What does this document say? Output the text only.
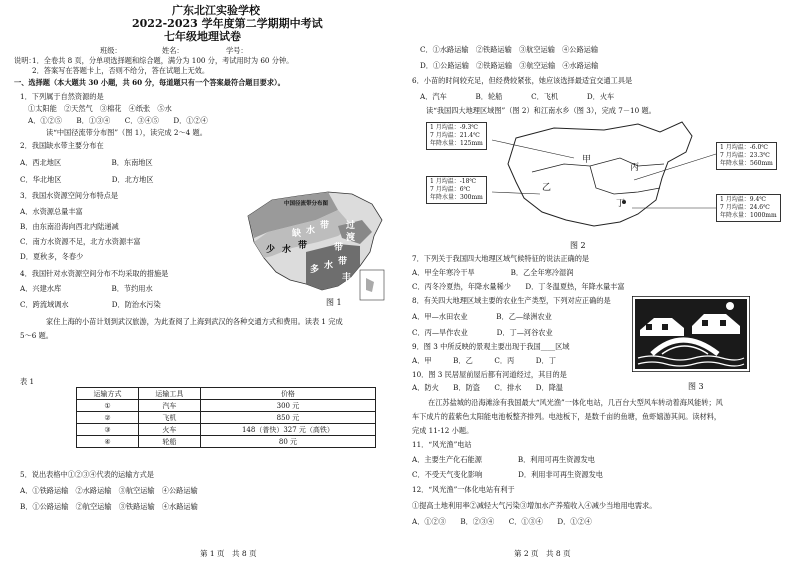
广东北江实验学校
2022-2023 学年度第二学期期中考试
七年级地理试卷
班级：	姓名：	学号：
说明：
1．全卷共 8 页，分单项选择题和综合题，满分为 100 分，考试用时为 60 分钟。
2．答案写在答题卡上，否则不给分，答在试题上无效。
一、选择题（本大题共 30 小题，共 60 分，每道题只有一个答案最符合题目要求）。
1．下列属于自然资源的是
①太阳能　②天然气　③棉花　④纸张　⑤水
A．①②⑤　　B．①③④　　C．③④⑤　　D．①②④
读“中国径流带分布图”（图 1），读完成 2～4 题。
2．我国缺水带主要分布在
A．西北地区　　　　　　　B．东南地区
C．华北地区　　　　　　　D．北方地区
3．我国水资源空间分布特点是
A．水资源总量丰富
B．由东南沿海向西北内陆递减
C．南方水资源不足，北方水资源丰富
D．夏秋多，冬春少
4．我国针对水资源空间分布不均采取的措施是
A．兴建水库　　　　　　　B．节约用水
C．跨流域调水　　　　　　D．防治水污染
家住上海的小苗计划到武汉旅游，为此查阅了上海到武汉的各种交通方式和费用。读表 1 完成
5～6 题。
中国径流带分布图
缺 水 带 过
渡
带
少 水 带
多 水 带
丰
图 1
表 1
运输方式	运输工具	价格
①	汽车	300 元
②	飞机	850 元
③	火车	148（普快）327 元（高铁）
④	轮船	80 元
5．说出表格中①②③④代表的运输方式是
A．①铁路运输　②水路运输　③航空运输　④公路运输
B．①公路运输　②航空运输　③铁路运输　④水路运输
第 1 页　共 8 页
C．①水路运输　②铁路运输　③航空运输　④公路运输
D．①公路运输　②铁路运输　③航空运输　④水路运输
6．小苗的时间较充足，但经费较紧张，她应该选择最适宜交通工具是
A．汽车　　　　B．轮船　　　　C．飞机　　　　D．火车
读“我国四大地理区域图”（图 2）和江南水乡（图 3），完成 7－10 题。
1 月均温：-9.3℃
7 月均温：21.4℃
年降水量：125mm
1 月均温：-18℃
7 月均温：6℃
年降水量：300mm
1 月均温：-6.0℃
7 月均温：23.3℃
年降水量：560mm
1 月均温：9.4℃
7 月均温：24.6℃
年降水量：1000mm
甲
乙
丙
丁
图 2
7．下列关于我国四大地理区域气候特征的说法正确的是
A．甲全年寒冷干旱　　　　　B．乙全年寒冷湿润
C．丙冬冷夏热，年降水量稀少　　D．丁冬温夏热，年降水量丰富
8．有关四大地理区域主要的农业生产类型，下列对应正确的是
A．甲—水田农业　　　　B．乙—绿洲农业
C．丙—旱作农业　　　　D．丁—河谷农业
9．图 3 中所反映的景观主要出现于我国____区域
A．甲　　　B．乙　　　C．丙　　　D．丁
10．图 3 民居屋前屋后都有河道经过，其目的是
A．防火　　B．防盗　　C．排水　　D．降温	图 3
在江苏盐城的沿海滩涂有我国最大“风光渔”一体化电站，几百台大型风车转动着海风能转；风
车下成片的蓝紫色太阳能电池板整齐排列。电池板下，是数千亩的鱼塘，鱼虾嬉游其间。读材料，
完成 11-12 小题。
11．“风光渔”电站
A．主要生产化石能源　　　　　B．利用可再生资源发电
C．不受天气变化影响　　　　　D．利用非可再生资源发电
12．“风光渔”一体化电站有利于
①提高土地利用率②减轻大气污染③增加水产养殖收入④减少当地用电需求。
A．①②③　　B．②③④　　C．①③④　　D．①②④
第 2 页　共 8 页
